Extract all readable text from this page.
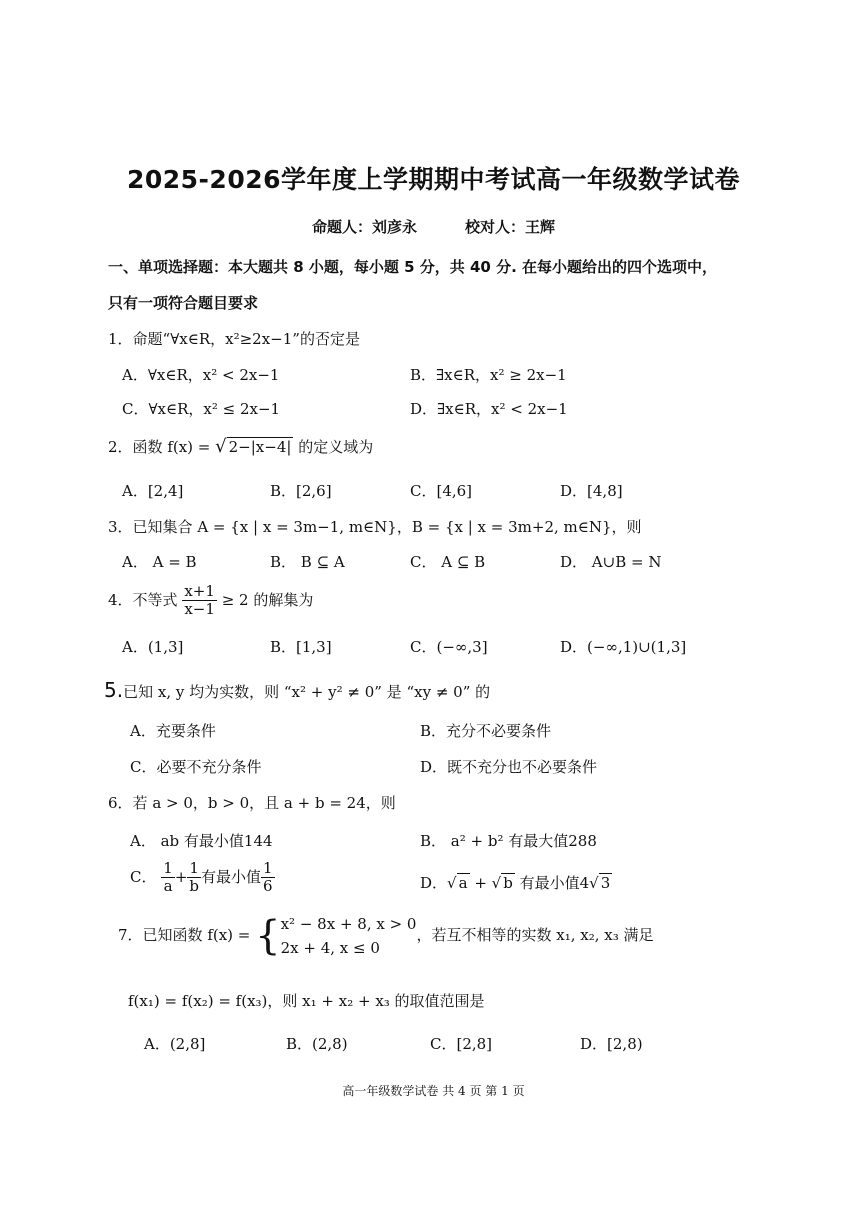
2025-2026学年度上学期期中考试高一年级数学试卷
命题人：刘彦永	校对人：王辉
一、单项选择题：本大题共 8 小题，每小题 5 分，共 40 分. 在每小题给出的四个选项中，
只有一项符合题目要求
1．命题“∀x∈R，x²≥2x−1”的否定是
A．∀x∈R，x² < 2x−1	B．∃x∈R，x² ≥ 2x−1
C．∀x∈R，x² ≤ 2x−1	D．∃x∈R，x² < 2x−1
2．函数 f(x) = √ 2−|x−4| 的定义域为
A．[2,4]	B．[2,6]	C．[4,6]	D．[4,8]
3．已知集合 A = {x | x = 3m−1, m∈N}，B = {x | x = 3m+2, m∈N}，则
A． A = B	B． B ⊆ A	C． A ⊆ B	D． A∪B = N
4．不等式 $\frac{x+1}{x-1} \ge 2$ 的解集为
A．(1,3]	B．[1,3]	C．(−∞,3]	D．(−∞,1)∪(1,3]
5.已知 x, y 均为实数，则 “x² + y² ≠ 0” 是 “xy ≠ 0” 的
A．充要条件	B．充分不必要条件
C．必要不充分条件	D．既不充分也不必要条件
6．若 a > 0，b > 0，且 a + b = 24，则
A． ab 有最小值144	B． a² + b² 有最大值288
C． $\frac{1}{a} + \frac{1}{b}$ 有最小值 $\frac{1}{6}$	D．√ a + √ b 有最小值4√ 3
7．已知函数 f(x) = { x² − 8x + 8, x > 0
2x + 4, x ≤ 0
，若互不相等的实数 x₁, x₂, x₃ 满足
f(x₁) = f(x₂) = f(x₃)，则 x₁ + x₂ + x₃ 的取值范围是
A．(2,8]	B．(2,8)	C．[2,8]	D．[2,8)
高一年级数学试卷 共 4 页 第 1 页
